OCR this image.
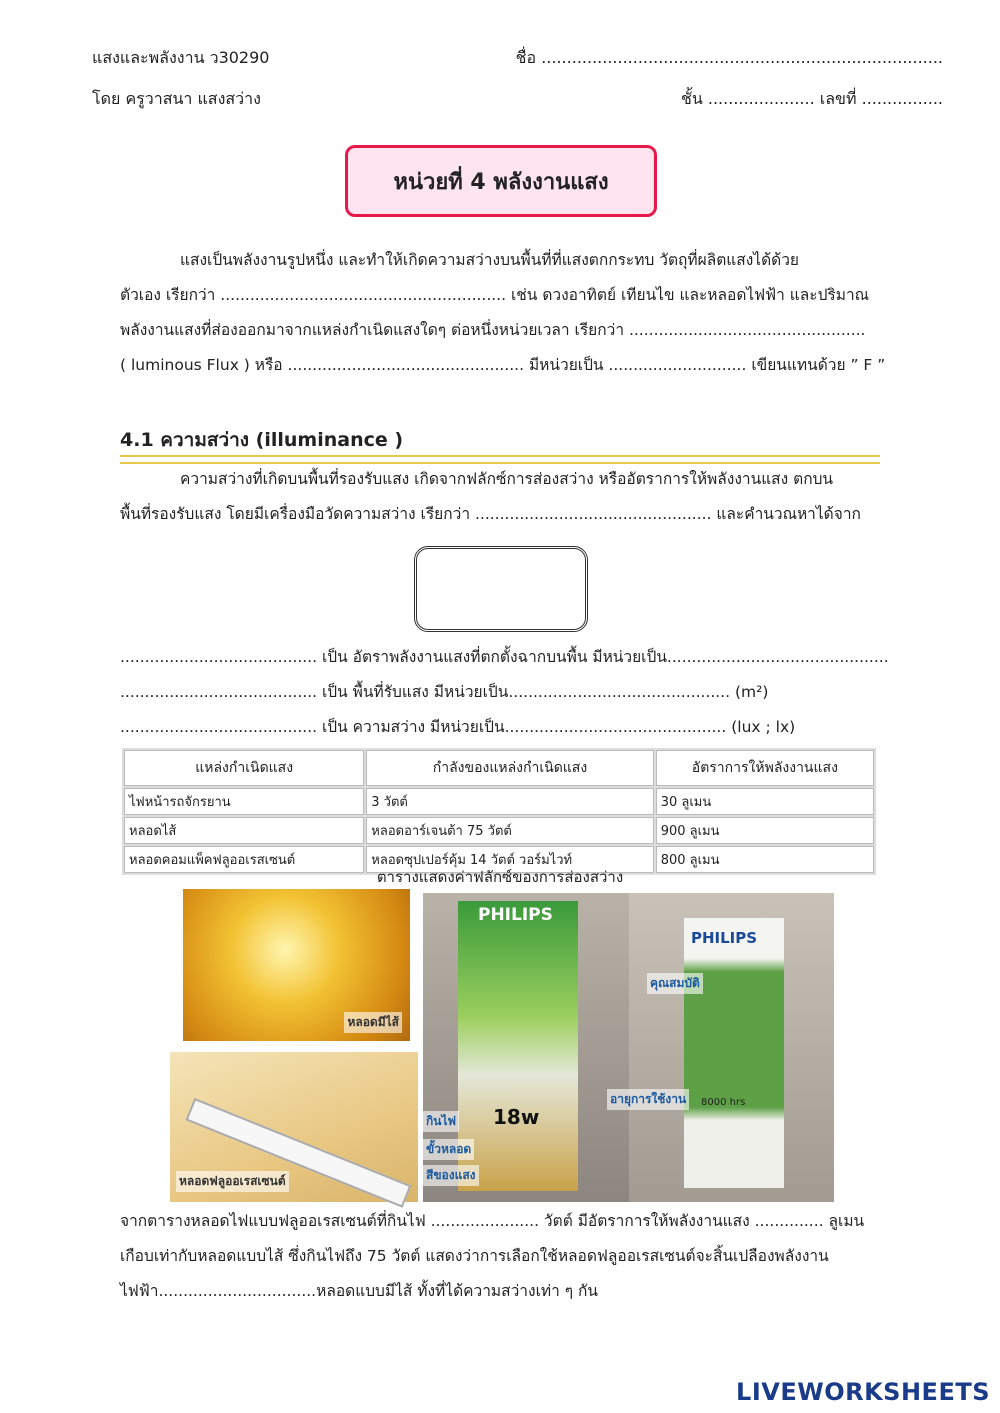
แสงและพลังงาน ว30290
โดย ครูวาสนา แสงสว่าง
ชื่อ ...............................................................................
ชั้น ..................... เลขที่ ................
หน่วยที่ 4 พลังงานแสง
แสงเป็นพลังงานรูปหนึ่ง และทำให้เกิดความสว่างบนพื้นที่ที่แสงตกกระทบ วัตถุที่ผลิตแสงได้ด้วย
ตัวเอง เรียกว่า .......................................................... เช่น ดวงอาทิตย์ เทียนไข และหลอดไฟฟ้า และปริมาณ
พลังงานแสงที่ส่องออกมาจากแหล่งกำเนิดแสงใดๆ ต่อหนึ่งหน่วยเวลา เรียกว่า ................................................
( luminous Flux ) หรือ ................................................ มีหน่วยเป็น ............................ เขียนแทนด้วย ” F ”
4.1 ความสว่าง (illuminance )
ความสว่างที่เกิดบนพื้นที่รองรับแสง เกิดจากฟลักซ์การส่องสว่าง หรืออัตราการให้พลังงานแสง ตกบน
พื้นที่รองรับแสง โดยมีเครื่องมือวัดความสว่าง เรียกว่า ................................................ และคำนวณหาได้จาก
........................................ เป็น อัตราพลังงานแสงที่ตกตั้งฉากบนพื้น มีหน่วยเป็น.............................................
........................................ เป็น พื้นที่รับแสง มีหน่วยเป็น............................................. (m²)
........................................ เป็น ความสว่าง มีหน่วยเป็น............................................. (lux ; lx)
แหล่งกำเนิดแสง	กำลังของแหล่งกำเนิดแสง	อัตราการให้พลังงานแสง
ไฟหน้ารถจักรยาน	3 วัตต์	30 ลูเมน
หลอดไส้	หลอดอาร์เจนต้า 75 วัตต์	900 ลูเมน
หลอดคอมแพ็คฟลูออเรสเซนต์	หลอดซุปเปอร์คุ้ม 14 วัตต์ วอร์มไวท์	800 ลูเมน
ตารางแสดงค่าฟลักซ์ของการส่องสว่าง
หลอดมีไส้
หลอดฟลูออเรสเซนต์
PHILIPS
18w
กินไฟ
ขั้วหลอด
สีของแสง
PHILIPS
คุณสมบัติ
อายุการใช้งาน	8000 hrs
จากตารางหลอดไฟแบบฟลูออเรสเซนต์ที่กินไฟ ...................... วัตต์ มีอัตราการให้พลังงานแสง .............. ลูเมน
เกือบเท่ากับหลอดแบบไส้ ซึ่งกินไฟถึง 75 วัตต์ แสดงว่าการเลือกใช้หลอดฟลูออเรสเซนต์จะสิ้นเปลืองพลังงาน
ไฟฟ้า................................หลอดแบบมีไส้ ทั้งที่ได้ความสว่างเท่า ๆ กัน
LIVEWORKSHEETS
